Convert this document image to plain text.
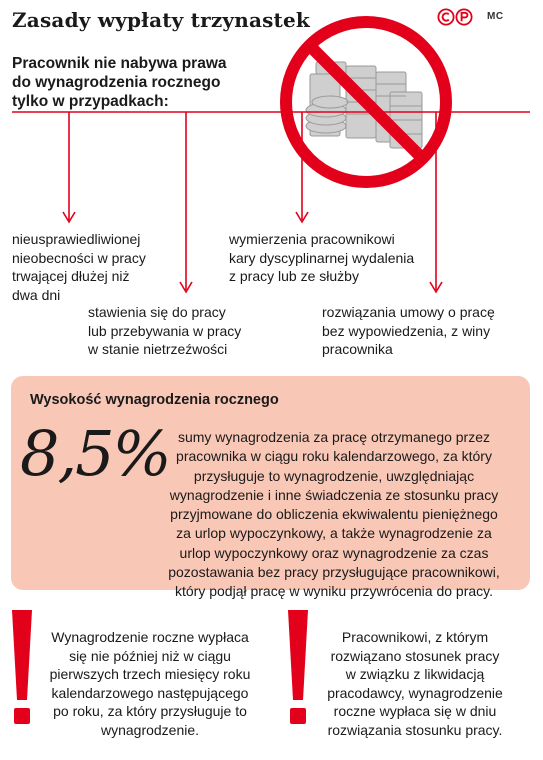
Zasady wypłaty trzynastek	MC
Pracownik nie nabywa prawa
do wynagrodzenia rocznego
tylko w przypadkach:
nieusprawiedliwionej
nieobecności w pracy
trwającej dłużej niż
dwa dni
wymierzenia pracownikowi
kary dyscyplinarnej wydalenia
z pracy lub ze służby
stawienia się do pracy
lub przebywania w pracy
w stanie nietrzeźwości
rozwiązania umowy o pracę
bez wypowiedzenia, z winy
pracownika
Wysokość wynagrodzenia rocznego
8,5% sumy wynagrodzenia za pracę otrzymanego przez
pracownika w ciągu roku kalendarzowego, za który
przysługuje to wynagrodzenie, uwzględniając
wynagrodzenie i inne świadczenia ze stosunku pracy
przyjmowane do obliczenia ekwiwalentu pieniężnego
za urlop wypoczynkowy, a także wynagrodzenie za
urlop wypoczynkowy oraz wynagrodzenie za czas
pozostawania bez pracy przysługujące pracownikowi,
który podjął pracę w wyniku przywrócenia do pracy.
Wynagrodzenie roczne wypłaca
się nie później niż w ciągu
pierwszych trzech miesięcy roku
kalendarzowego następującego
po roku, za który przysługuje to
wynagrodzenie.
Pracownikowi, z którym
rozwiązano stosunek pracy
w związku z likwidacją
pracodawcy, wynagrodzenie
roczne wypłaca się w dniu
rozwiązania stosunku pracy.
